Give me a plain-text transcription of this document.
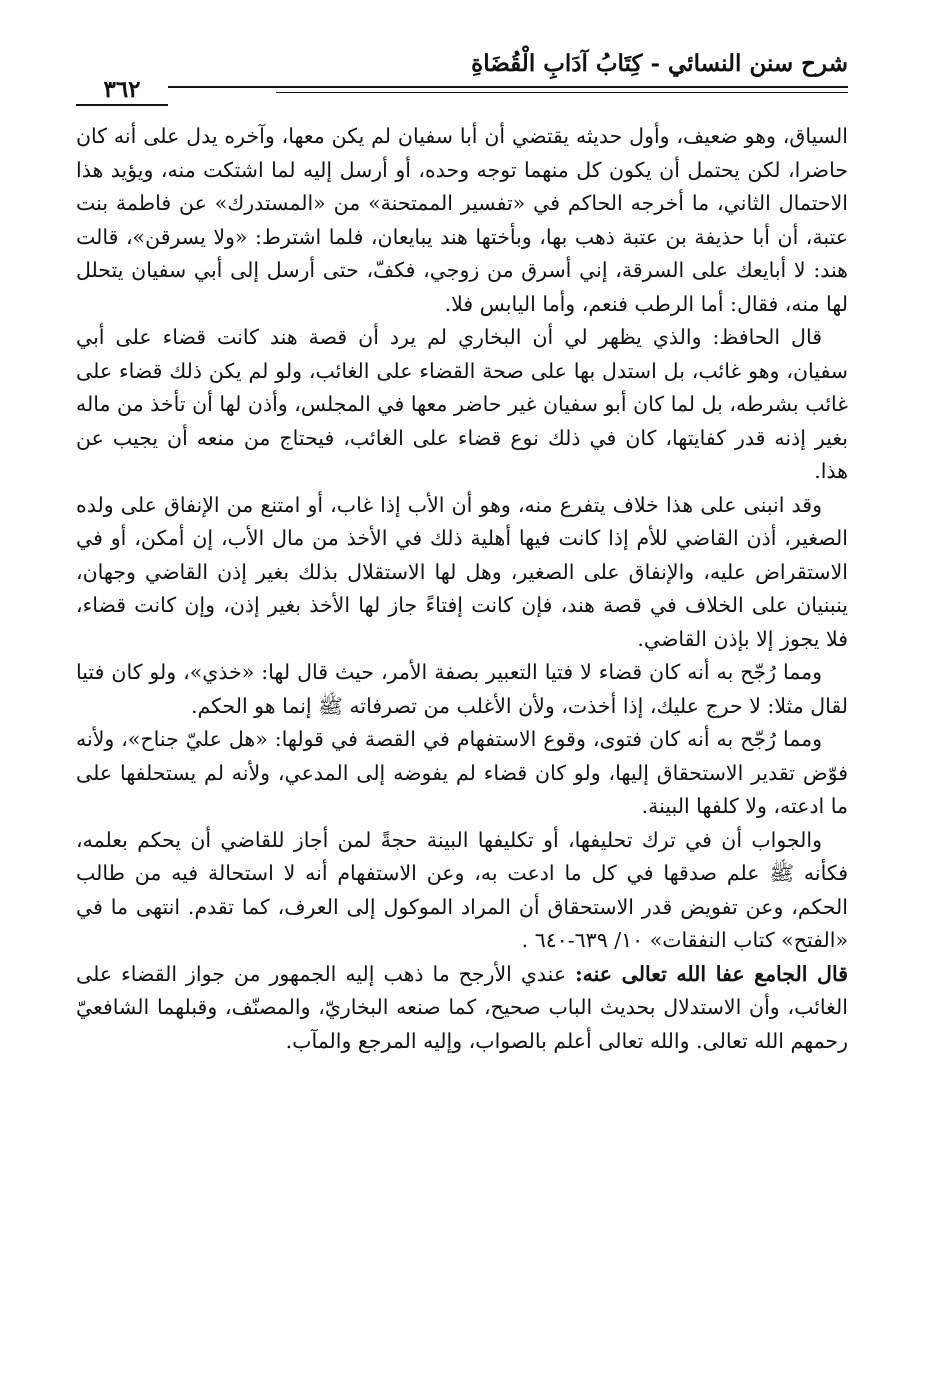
شرح سنن النسائي - كِتَابُ آدَابِ الْقُضَاةِ
٣٦٢

السياق، وهو ضعيف، وأول حديثه يقتضي أن أبا سفيان لم يكن معها، وآخره يدل على أنه كان حاضرا، لكن يحتمل أن يكون كل منهما توجه وحده، أو أرسل إليه لما اشتكت منه، ويؤيد هذا الاحتمال الثاني، ما أخرجه الحاكم في «تفسير الممتحنة» من «المستدرك» عن فاطمة بنت عتبة، أن أبا حذيفة بن عتبة ذهب بها، وبأختها هند يبايعان، فلما اشترط: «ولا يسرقن»، قالت هند: لا أبايعك على السرقة، إني أسرق من زوجي، فكفّ، حتى أرسل إلى أبي سفيان يتحلل لها منه، فقال: أما الرطب فنعم، وأما اليابس فلا.

قال الحافظ: والذي يظهر لي أن البخاري لم يرد أن قصة هند كانت قضاء على أبي سفيان، وهو غائب، بل استدل بها على صحة القضاء على الغائب، ولو لم يكن ذلك قضاء على غائب بشرطه، بل لما كان أبو سفيان غير حاضر معها في المجلس، وأذن لها أن تأخذ من ماله بغير إذنه قدر كفايتها، كان في ذلك نوع قضاء على الغائب، فيحتاج من منعه أن يجيب عن هذا.

وقد انبنى على هذا خلاف يتفرع منه، وهو أن الأب إذا غاب، أو امتنع من الإنفاق على ولده الصغير، أذن القاضي للأم إذا كانت فيها أهلية ذلك في الأخذ من مال الأب، إن أمكن، أو في الاستقراض عليه، والإنفاق على الصغير، وهل لها الاستقلال بذلك بغير إذن القاضي وجهان، ينبنيان على الخلاف في قصة هند، فإن كانت إفتاءً جاز لها الأخذ بغير إذن، وإن كانت قضاء، فلا يجوز إلا بإذن القاضي.

ومما رُجّح به أنه كان قضاء لا فتيا التعبير بصفة الأمر، حيث قال لها: «خذي»، ولو كان فتيا لقال مثلا: لا حرج عليك، إذا أخذت، ولأن الأغلب من تصرفاته ﷺ إنما هو الحكم.

ومما رُجّح به أنه كان فتوى، وقوع الاستفهام في القصة في قولها: «هل عليّ جناح»، ولأنه فوّض تقدير الاستحقاق إليها، ولو كان قضاء لم يفوضه إلى المدعي، ولأنه لم يستحلفها على ما ادعته، ولا كلفها البينة.

والجواب أن في ترك تحليفها، أو تكليفها البينة حجةً لمن أجاز للقاضي أن يحكم بعلمه، فكأنه ﷺ علم صدقها في كل ما ادعت به، وعن الاستفهام أنه لا استحالة فيه من طالب الحكم، وعن تفويض قدر الاستحقاق أن المراد الموكول إلى العرف، كما تقدم. انتهى ما في «الفتح» كتاب النفقات» ١٠/ ٦٣٩-٦٤٠ .

قال الجامع عفا الله تعالى عنه: عندي الأرجح ما ذهب إليه الجمهور من جواز القضاء على الغائب، وأن الاستدلال بحديث الباب صحيح، كما صنعه البخاريّ، والمصنّف، وقبلهما الشافعيّ رحمهم الله تعالى. والله تعالى أعلم بالصواب، وإليه المرجع والمآب.
